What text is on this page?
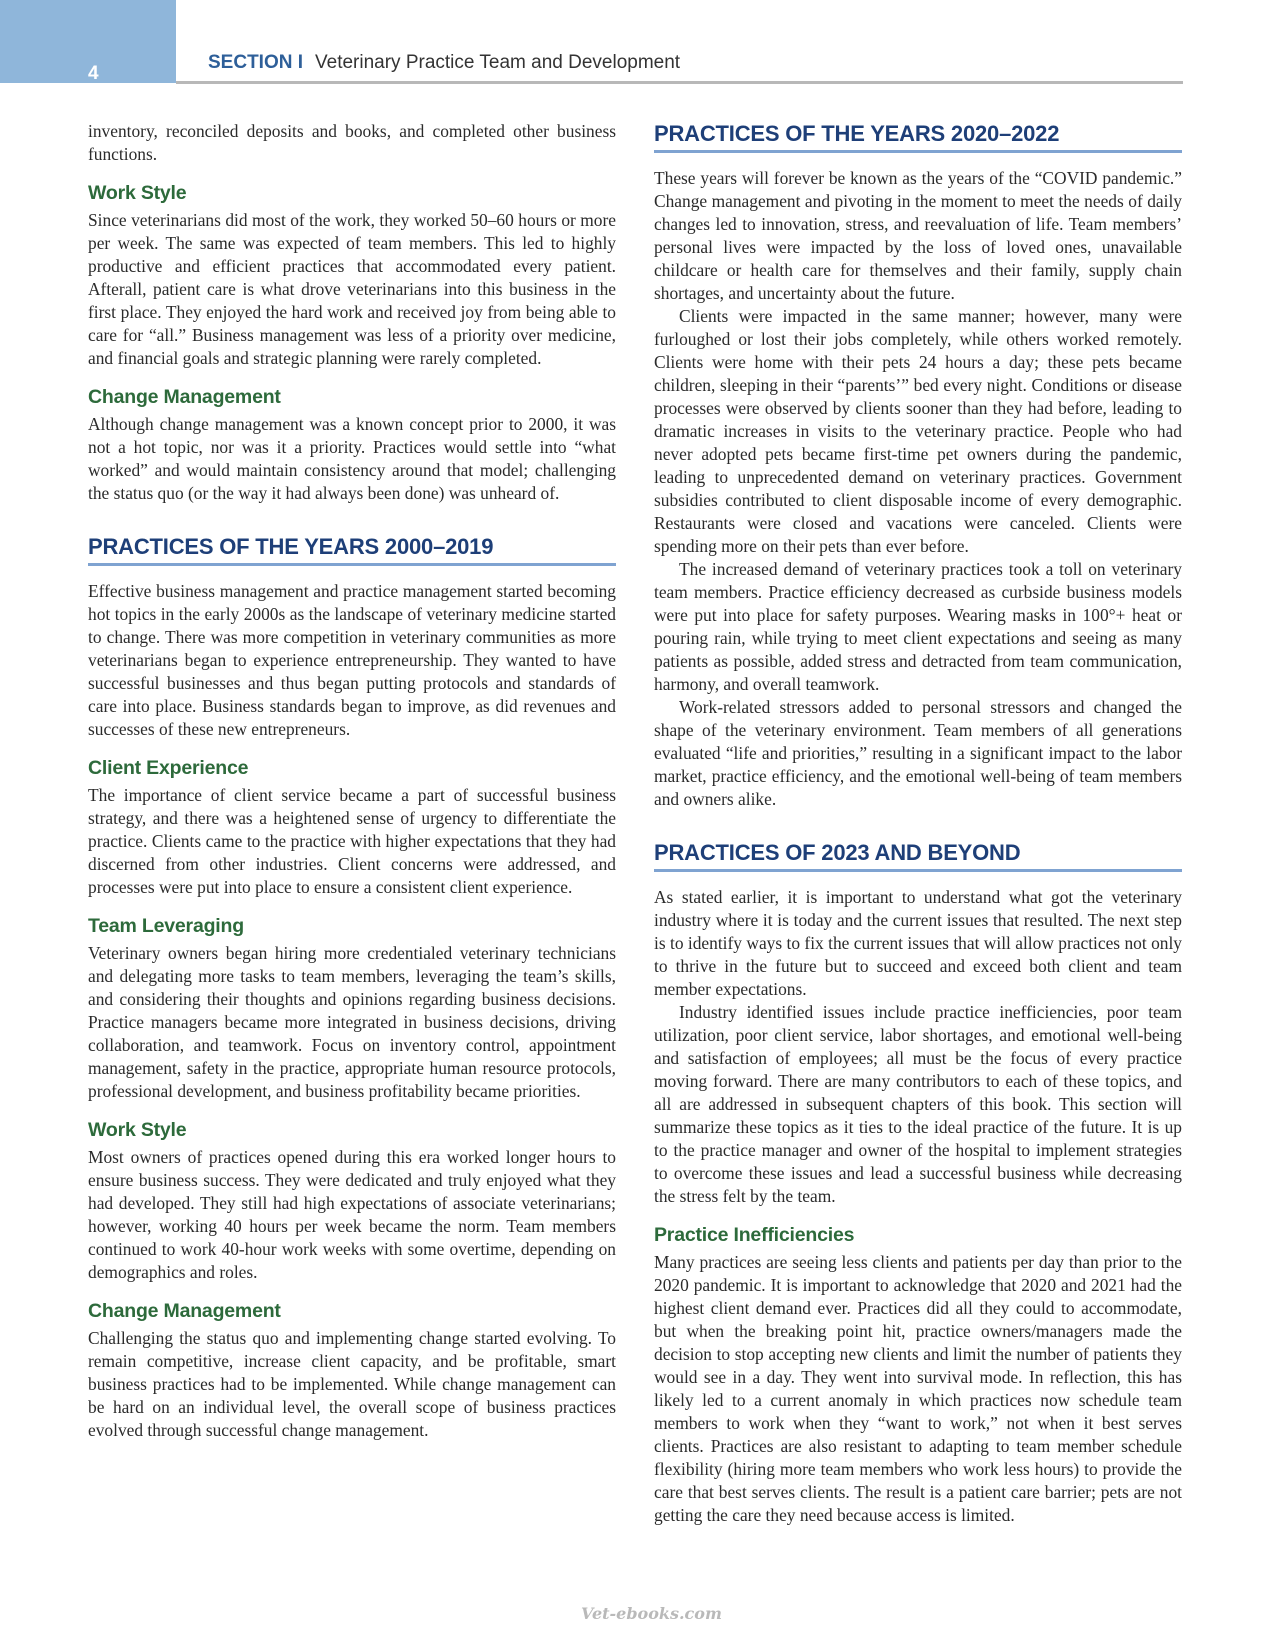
4
SECTION I Veterinary Practice Team and Development

inventory, reconciled deposits and books, and completed other business functions.

Work Style

Since veterinarians did most of the work, they worked 50–60 hours or more per week. The same was expected of team members. This led to highly productive and efficient practices that accommodated every patient. Afterall, patient care is what drove veterinarians into this business in the first place. They enjoyed the hard work and received joy from being able to care for “all.” Business management was less of a priority over medicine, and financial goals and strategic planning were rarely completed.

Change Management

Although change management was a known concept prior to 2000, it was not a hot topic, nor was it a priority. Practices would settle into “what worked” and would maintain consistency around that model; challenging the status quo (or the way it had always been done) was unheard of.

PRACTICES OF THE YEARS 2000–2019

Effective business management and practice management started becoming hot topics in the early 2000s as the landscape of veterinary medicine started to change. There was more competition in veterinary communities as more veterinarians began to experience entrepreneurship. They wanted to have successful businesses and thus began putting protocols and standards of care into place. Business standards began to improve, as did revenues and successes of these new entrepreneurs.

Client Experience

The importance of client service became a part of successful business strategy, and there was a heightened sense of urgency to differentiate the practice. Clients came to the practice with higher expectations that they had discerned from other industries. Client concerns were addressed, and processes were put into place to ensure a consistent client experience.

Team Leveraging

Veterinary owners began hiring more credentialed veterinary technicians and delegating more tasks to team members, leveraging the team’s skills, and considering their thoughts and opinions regarding business decisions. Practice managers became more integrated in business decisions, driving collaboration, and teamwork. Focus on inventory control, appointment management, safety in the practice, appropriate human resource protocols, professional development, and business profitability became priorities.

Work Style

Most owners of practices opened during this era worked longer hours to ensure business success. They were dedicated and truly enjoyed what they had developed. They still had high expectations of associate veterinarians; however, working 40 hours per week became the norm. Team members continued to work 40-hour work weeks with some overtime, depending on demographics and roles.

Change Management

Challenging the status quo and implementing change started evolving. To remain competitive, increase client capacity, and be profitable, smart business practices had to be implemented. While change management can be hard on an individual level, the overall scope of business practices evolved through successful change management.

PRACTICES OF THE YEARS 2020–2022

These years will forever be known as the years of the “COVID pandemic.” Change management and pivoting in the moment to meet the needs of daily changes led to innovation, stress, and reevaluation of life. Team members’ personal lives were impacted by the loss of loved ones, unavailable childcare or health care for themselves and their family, supply chain shortages, and uncertainty about the future.

Clients were impacted in the same manner; however, many were furloughed or lost their jobs completely, while others worked remotely. Clients were home with their pets 24 hours a day; these pets became children, sleeping in their “parents’” bed every night. Conditions or disease processes were observed by clients sooner than they had before, leading to dramatic increases in visits to the veterinary practice. People who had never adopted pets became first-time pet owners during the pandemic, leading to unprecedented demand on veterinary practices. Government subsidies contributed to client disposable income of every demographic. Restaurants were closed and vacations were canceled. Clients were spending more on their pets than ever before.

The increased demand of veterinary practices took a toll on veterinary team members. Practice efficiency decreased as curbside business models were put into place for safety purposes. Wearing masks in 100°+ heat or pouring rain, while trying to meet client expectations and seeing as many patients as possible, added stress and detracted from team communication, harmony, and overall teamwork.

Work-related stressors added to personal stressors and changed the shape of the veterinary environment. Team members of all generations evaluated “life and priorities,” resulting in a significant impact to the labor market, practice efficiency, and the emotional well-being of team members and owners alike.

PRACTICES OF 2023 AND BEYOND

As stated earlier, it is important to understand what got the veterinary industry where it is today and the current issues that resulted. The next step is to identify ways to fix the current issues that will allow practices not only to thrive in the future but to succeed and exceed both client and team member expectations.

Industry identified issues include practice inefficiencies, poor team utilization, poor client service, labor shortages, and emotional well-being and satisfaction of employees; all must be the focus of every practice moving forward. There are many contributors to each of these topics, and all are addressed in subsequent chapters of this book. This section will summarize these topics as it ties to the ideal practice of the future. It is up to the practice manager and owner of the hospital to implement strategies to overcome these issues and lead a successful business while decreasing the stress felt by the team.

Practice Inefficiencies

Many practices are seeing less clients and patients per day than prior to the 2020 pandemic. It is important to acknowledge that 2020 and 2021 had the highest client demand ever. Practices did all they could to accommodate, but when the breaking point hit, practice owners/managers made the decision to stop accepting new clients and limit the number of patients they would see in a day. They went into survival mode. In reflection, this has likely led to a current anomaly in which practices now schedule team members to work when they “want to work,” not when it best serves clients. Practices are also resistant to adapting to team member schedule flexibility (hiring more team members who work less hours) to provide the care that best serves clients. The result is a patient care barrier; pets are not getting the care they need because access is limited.

Vet-ebooks.com
